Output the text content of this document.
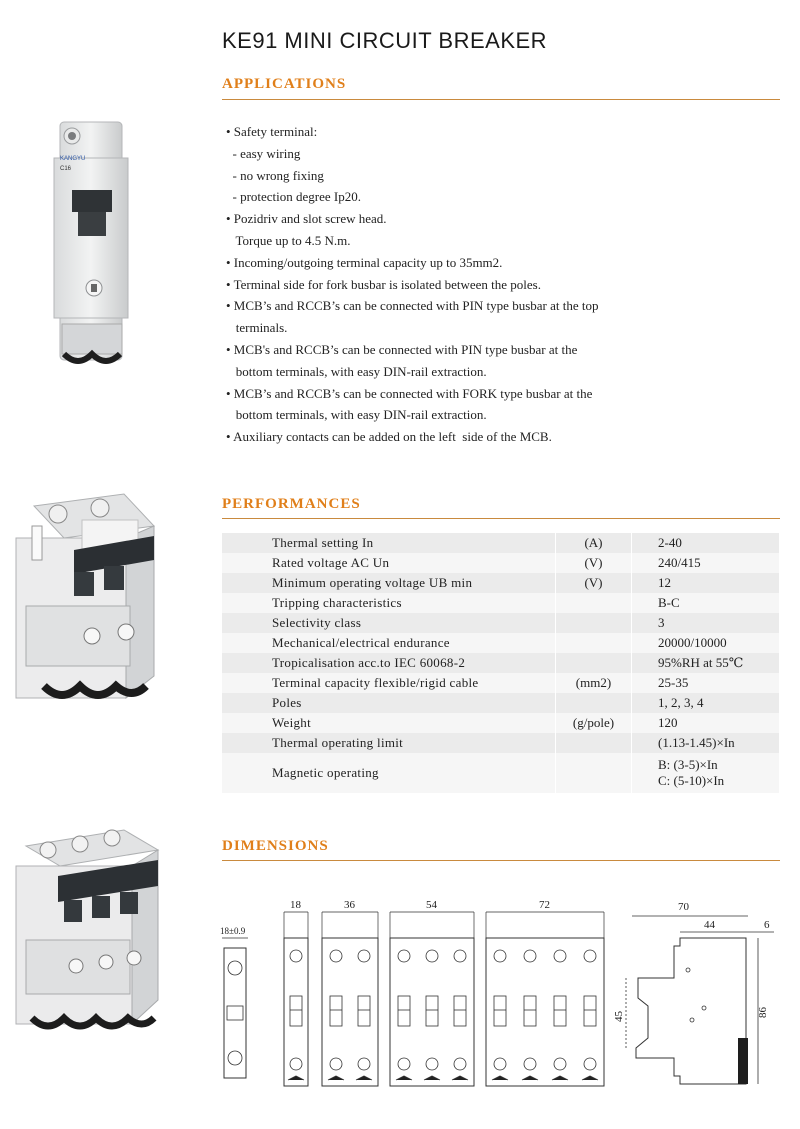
KE91 MINI CIRCUIT BREAKER
APPLICATIONS
• Safety terminal:
- easy wiring
- no wrong fixing
- protection degree Ip20.
• Pozidriv and slot screw head.
Torque up to 4.5 N.m.
• Incoming/outgoing terminal capacity up to 35mm2.
• Terminal side for fork busbar is isolated between the poles.
• MCB’s and RCCB’s can be connected with PIN type busbar at the top
terminals.
• MCB's and RCCB’s can be connected with PIN type busbar at the
bottom terminals, with easy DIN-rail extraction.
• MCB’s and RCCB’s can be connected with FORK type busbar at the
bottom terminals, with easy DIN-rail extraction.
• Auxiliary contacts can be added on the left  side of the MCB.
KANGYU
C16
PERFORMANCES
Thermal setting In	(A)	2-40
Rated voltage AC Un	(V)	240/415
Minimum operating voltage UB min	(V)	12
Tripping characteristics		B-C
Selectivity class		3
Mechanical/electrical endurance		20000/10000
Tropicalisation acc.to IEC 60068-2		95%RH at 55℃
Terminal capacity flexible/rigid cable	(mm2)	25-35
Poles		1, 2, 3, 4
Weight	(g/pole)	120
Thermal operating limit		(1.13-1.45)×In
Magnetic operating		B: (3-5)×In
C: (5-10)×In
DIMENSIONS
18±0.9
18	36	54	72	70
44	6
86
45
